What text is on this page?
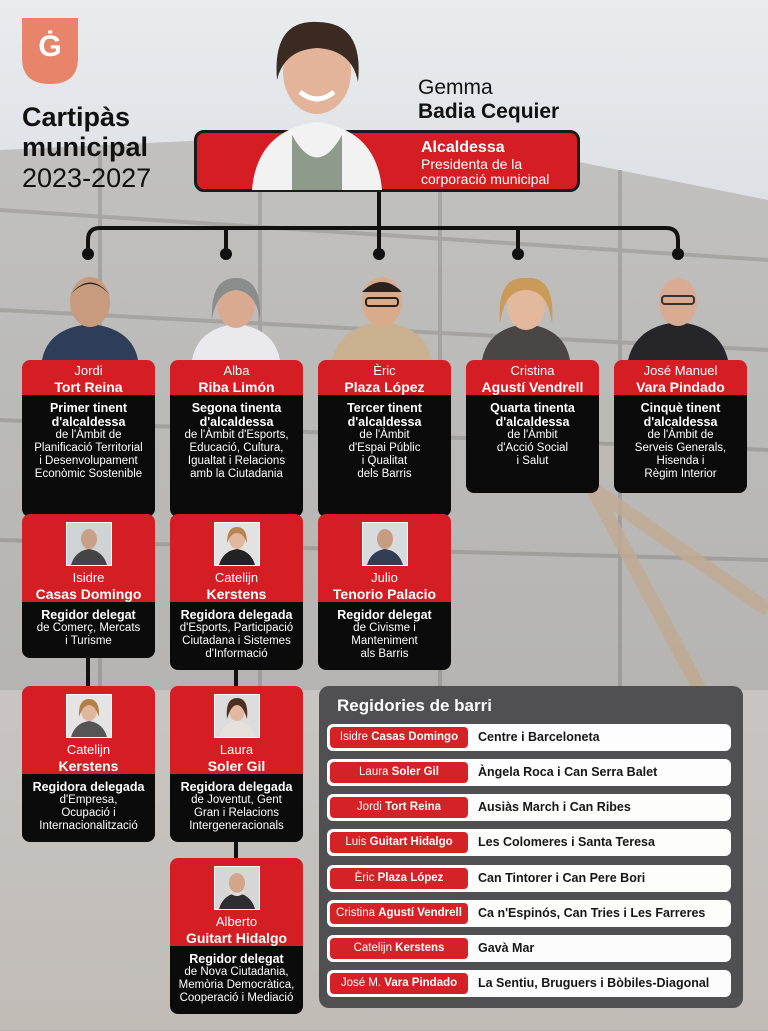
Ġ
Cartipàs
municipal
2023-2027
Alcaldessa
Presidenta de la
corporació municipal
Gemma
Badia Cequier
Jordi
Tort Reina
Primer tinent
d'alcaldessa
de l'Àmbit de
Planificació Territorial
i Desenvolupament
Econòmic Sostenible
Alba
Riba Limón
Segona tinenta
d'alcaldessa
de l'Àmbit d'Esports,
Educació, Cultura,
Igualtat i Relacions
amb la Ciutadania
Èric
Plaza López
Tercer tinent
d'alcaldessa
de l'Àmbit
d'Espai Públic
i Qualitat
dels Barris
Cristina
Agustí Vendrell
Quarta tinenta
d'alcaldessa
de l'Àmbit
d'Acció Social
i Salut
José Manuel
Vara Pindado
Cinquè tinent
d'alcaldessa
de l'Àmbit de
Serveis Generals,
Hisenda i
Règim Interior
Isidre
Casas Domingo
Regidor delegat
de Comerç, Mercats
i Turisme
Catelijn
Kerstens
Regidora delegada
d'Esports, Participació
Ciutadana i Sistemes
d'Informació
Julio
Tenorio Palacio
Regidor delegat
de Civisme i
Manteniment
als Barris
Catelijn
Kerstens
Regidora delegada
d'Empresa,
Ocupació i
Internacionalització
Laura
Soler Gil
Regidora delegada
de Joventut, Gent
Gran i Relacions
Intergeneracionals
Alberto
Guitart Hidalgo
Regidor delegat
de Nova Ciutadania,
Memòria Democràtica,
Cooperació i Mediació
Regidories de barri
Isidre Casas Domingo	Centre i Barceloneta
Laura Soler Gil	Àngela Roca i Can Serra Balet
Jordi Tort Reina	Ausiàs March i Can Ribes
Luis Guitart Hidalgo	Les Colomeres i Santa Teresa
Èric Plaza López	Can Tintorer i Can Pere Bori
Cristina Agustí Vendrell	Ca n'Espinós, Can Tries i Les Farreres
Catelijn Kerstens	Gavà Mar
José M. Vara Pindado	La Sentiu, Bruguers i Bòbiles-Diagonal
